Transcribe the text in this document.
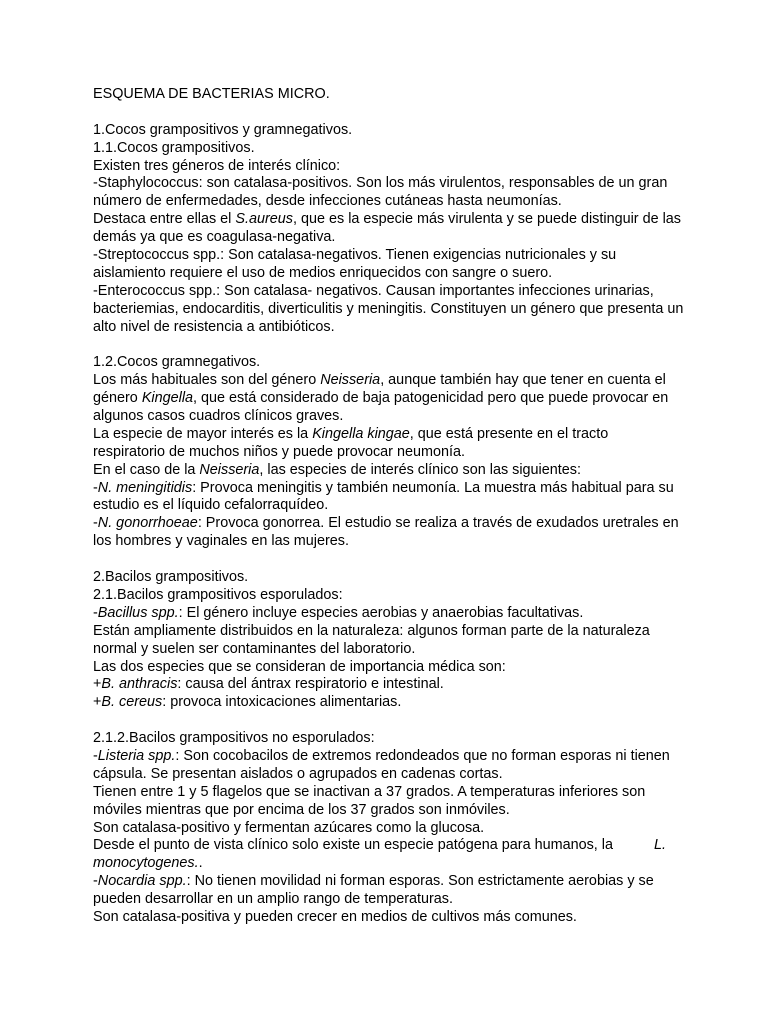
ESQUEMA DE BACTERIAS MICRO.
1.Cocos grampositivos y gramnegativos.
1.1.Cocos grampositivos.
Existen tres géneros de interés clínico:
-Staphylococcus: son catalasa-positivos. Son los más virulentos, responsables de un gran
número de enfermedades, desde infecciones cutáneas hasta neumonías.
Destaca entre ellas el S.aureus, que es la especie más virulenta y se puede distinguir de las
demás ya que es coagulasa-negativa.
-Streptococcus spp.: Son catalasa-negativos. Tienen exigencias nutricionales y su
aislamiento requiere el uso de medios enriquecidos con sangre o suero.
-Enterococcus spp.: Son catalasa- negativos. Causan importantes infecciones urinarias,
bacteriemias, endocarditis, diverticulitis y meningitis. Constituyen un género que presenta un
alto nivel de resistencia a antibióticos.
1.2.Cocos gramnegativos.
Los más habituales son del género Neisseria, aunque también hay que tener en cuenta el
género Kingella, que está considerado de baja patogenicidad pero que puede provocar en
algunos casos cuadros clínicos graves.
La especie de mayor interés es la Kingella kingae, que está presente en el tracto
respiratorio de muchos niños y puede provocar neumonía.
En el caso de la Neisseria, las especies de interés clínico son las siguientes:
-N. meningitidis: Provoca meningitis y también neumonía. La muestra más habitual para su
estudio es el líquido cefalorraquídeo.
-N. gonorrhoeae: Provoca gonorrea. El estudio se realiza a través de exudados uretrales en
los hombres y vaginales en las mujeres.
2.Bacilos grampositivos.
2.1.Bacilos grampositivos esporulados:
-Bacillus spp.: El género incluye especies aerobias y anaerobias facultativas.
Están ampliamente distribuidos en la naturaleza: algunos forman parte de la naturaleza
normal y suelen ser contaminantes del laboratorio.
Las dos especies que se consideran de importancia médica son:
+B. anthracis: causa del ántrax respiratorio e intestinal.
+B. cereus: provoca intoxicaciones alimentarias.
2.1.2.Bacilos grampositivos no esporulados:
-Listeria spp.: Son cocobacilos de extremos redondeados que no forman esporas ni tienen
cápsula. Se presentan aislados o agrupados en cadenas cortas.
Tienen entre 1 y 5 flagelos que se inactivan a 37 grados. A temperaturas inferiores son
móviles mientras que por encima de los 37 grados son inmóviles.
Son catalasa-positivo y fermentan azúcares como la glucosa.
Desde el punto de vista clínico solo existe un especie patógena para humanos, la	L.
monocytogenes..
-Nocardia spp.: No tienen movilidad ni forman esporas. Son estrictamente aerobias y se
pueden desarrollar en un amplio rango de temperaturas.
Son catalasa-positiva y pueden crecer en medios de cultivos más comunes.
